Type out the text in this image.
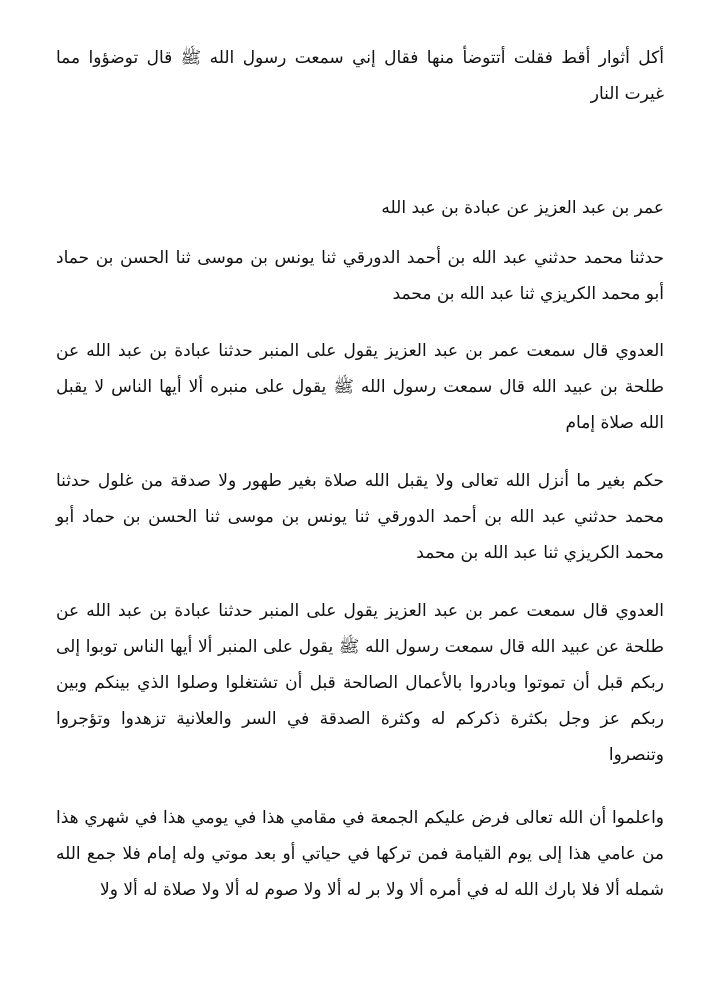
أكل أثوار أقط فقلت أتتوضأ منها فقال إني سمعت رسول الله ﷺ قال توضؤوا مما غيرت النار

عمر بن عبد العزيز عن عبادة بن عبد الله

حدثنا محمد حدثني عبد الله بن أحمد الدورقي ثنا يونس بن موسى ثنا الحسن بن حماد أبو محمد الكريزي ثنا عبد الله بن محمد

العدوي قال سمعت عمر بن عبد العزيز يقول على المنبر حدثنا عبادة بن عبد الله عن طلحة بن عبيد الله قال سمعت رسول الله ﷺ يقول على منبره ألا أيها الناس لا يقبل الله صلاة إمام

حكم بغير ما أنزل الله تعالى ولا يقبل الله صلاة بغير طهور ولا صدقة من غلول حدثنا محمد حدثني عبد الله بن أحمد الدورقي ثنا يونس بن موسى ثنا الحسن بن حماد أبو محمد الكريزي ثنا عبد الله بن محمد

العدوي قال سمعت عمر بن عبد العزيز يقول على المنبر حدثنا عبادة بن عبد الله عن طلحة عن عبيد الله قال سمعت رسول الله ﷺ يقول على المنبر ألا أيها الناس توبوا إلى ربكم قبل أن تموتوا وبادروا بالأعمال الصالحة قبل أن تشتغلوا وصلوا الذي بينكم وبين ربكم عز وجل بكثرة ذكركم له وكثرة الصدقة في السر والعلانية تزهدوا وتؤجروا وتنصروا

واعلموا أن الله تعالى فرض عليكم الجمعة في مقامي هذا في يومي هذا في شهري هذا من عامي هذا إلى يوم القيامة فمن تركها في حياتي أو بعد موتي وله إمام فلا جمع الله شمله ألا فلا بارك الله له في أمره ألا ولا بر له ألا ولا صوم له ألا ولا صلاة له ألا ولا
